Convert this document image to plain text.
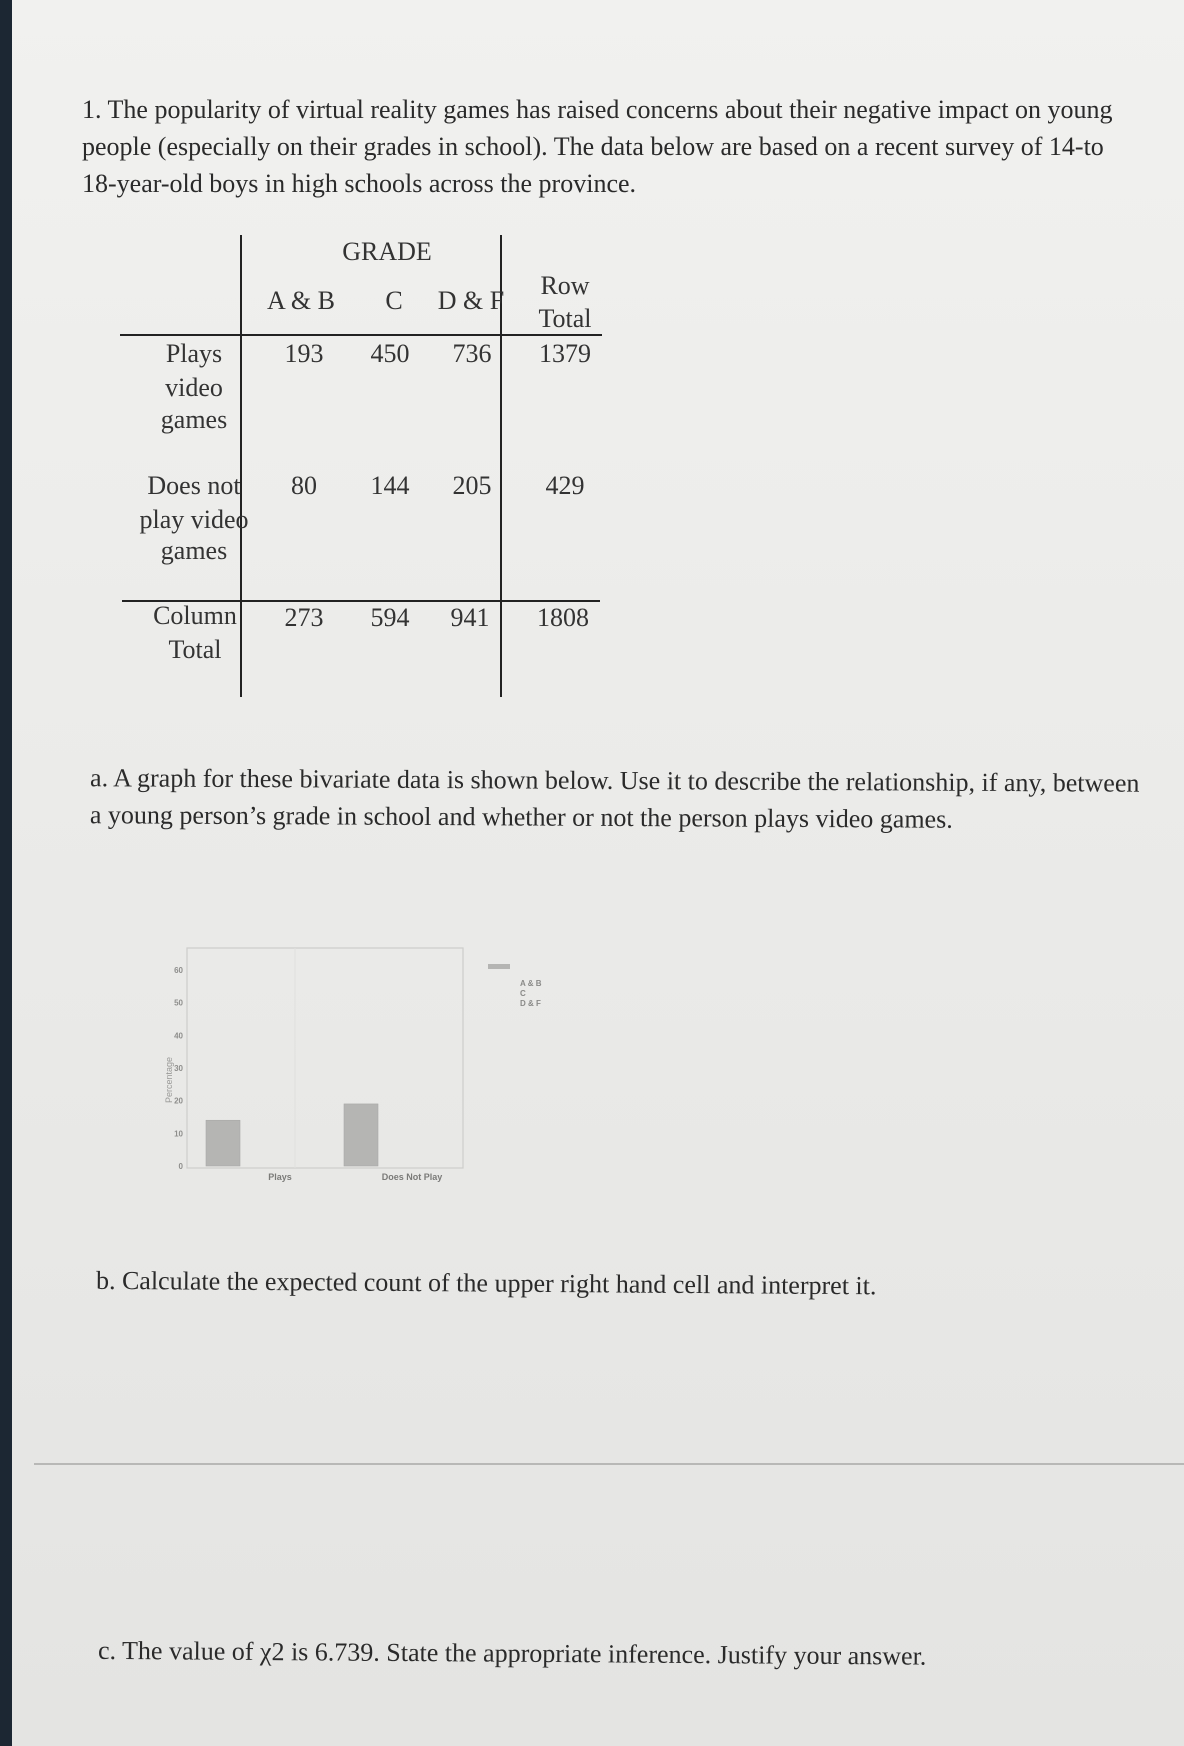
1. The popularity of virtual reality games has raised concerns about their negative impact on young people (especially on their grades in school). The data below are based on a recent survey of 14-to 18-year-old boys in high schools across the province.
GRADE
A & B	C	D & F
Row
Total
Plays
video
games
193	450	736	1379
Does not
play video
games
80	144	205	429
Column
Total
273	594	941	1808
a. A graph for these bivariate data is shown below. Use it to describe the relationship, if any, between a young person’s grade in school and whether or not the person plays video games.
Percentage
0
10
20
30
40
50
60
Plays	Does Not Play
A & B
C
D & F
b. Calculate the expected count of the upper right hand cell and interpret it.
c. The value of χ2 is 6.739. State the appropriate inference. Justify your answer.
